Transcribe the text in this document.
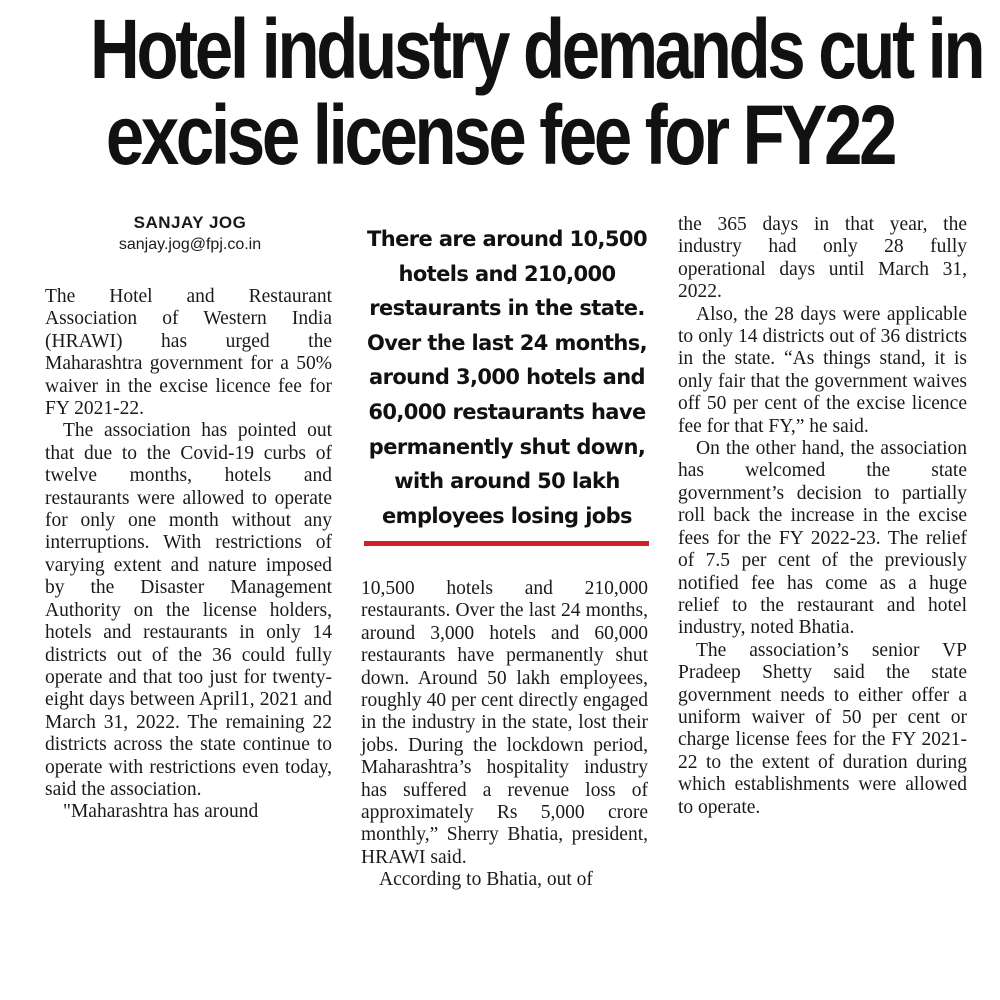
Hotel industry demands cut in
excise license fee for FY22
SANJAY JOG
sanjay.jog@fpj.co.in

The Hotel and Restaurant Association of Western India (HRAWI) has urged the Maharashtra government for a 50% waiver in the excise licence fee for FY 2021-22.

The association has pointed out that due to the Covid-19 curbs of twelve months, hotels and restaurants were allowed to operate for only one month without any interruptions. With restrictions of varying extent and nature imposed by the Disaster Management Authority on the license holders, hotels and restaurants in only 14 districts out of the 36 could fully operate and that too just for twenty-eight days between April1, 2021 and March 31, 2022. The remaining 22 districts across the state continue to operate with restrictions even today, said the association.

"Maharashtra has around

There are around 10,500 hotels and 210,000 restaurants in the state. Over the last 24 months, around 3,000 hotels and 60,000 restaurants have permanently shut down, with around 50 lakh employees losing jobs

10,500 hotels and 210,000 restaurants. Over the last 24 months, around 3,000 hotels and 60,000 restaurants have permanently shut down. Around 50 lakh employees, roughly 40 per cent directly engaged in the industry in the state, lost their jobs. During the lockdown period, Maharashtra’s hospitality industry has suffered a revenue loss of approximately Rs 5,000 crore monthly,” Sherry Bhatia, president, HRAWI said.

According to Bhatia, out of

the 365 days in that year, the industry had only 28 fully operational days until March 31, 2022.

Also, the 28 days were applicable to only 14 districts out of 36 districts in the state. “As things stand, it is only fair that the government waives off 50 per cent of the excise licence fee for that FY,” he said.

On the other hand, the association has welcomed the state government’s decision to partially roll back the increase in the excise fees for the FY 2022-23. The relief of 7.5 per cent of the previously notified fee has come as a huge relief to the restaurant and hotel industry, noted Bhatia.

The association’s senior VP Pradeep Shetty said the state government needs to either offer a uniform waiver of 50 per cent or charge license fees for the FY 2021-22 to the extent of duration during which establishments were allowed to operate.
